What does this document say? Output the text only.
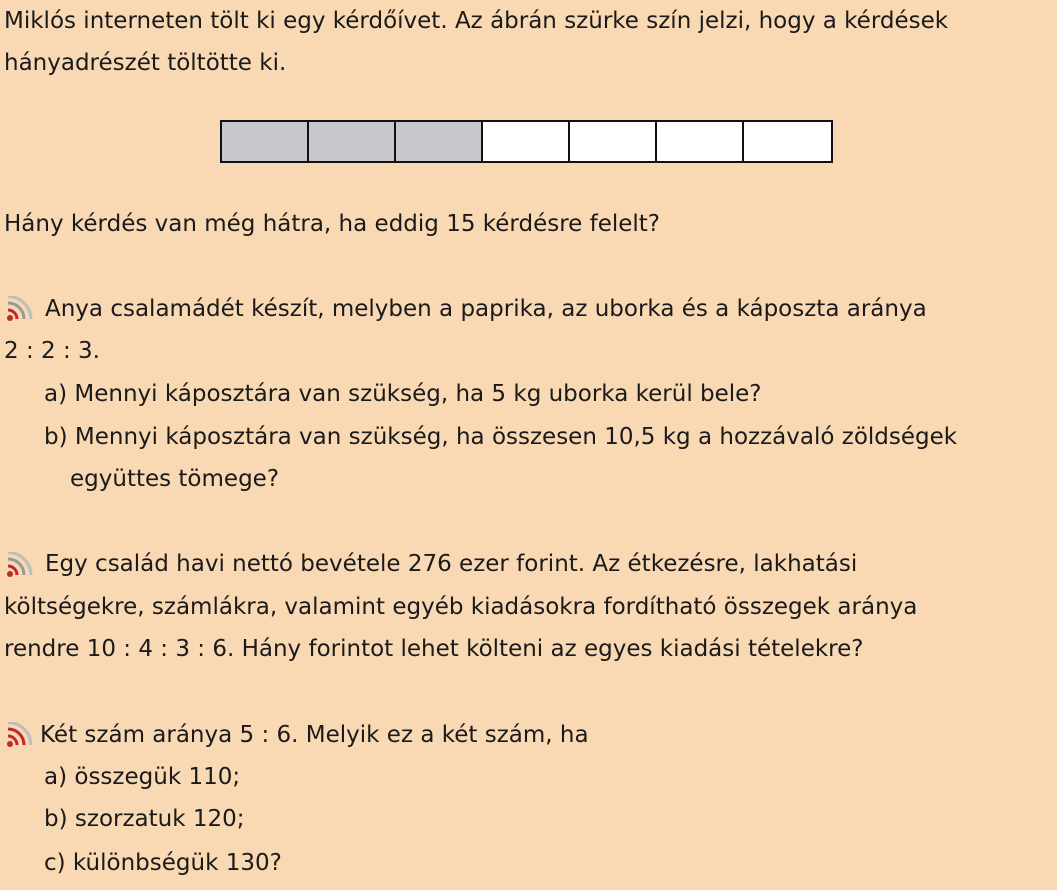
Miklós interneten tölt ki egy kérdőívet. Az ábrán szürke szín jelzi, hogy a kérdések
hányadrészét töltötte ki.
Hány kérdés van még hátra, ha eddig 15 kérdésre felelt?
Anya csalamádét készít, melyben a paprika, az uborka és a káposzta aránya
2 : 2 : 3.
a) Mennyi káposztára van szükség, ha 5 kg uborka kerül bele?
b) Mennyi káposztára van szükség, ha összesen 10,5 kg a hozzávaló zöldségek
együttes tömege?
Egy család havi nettó bevétele 276 ezer forint. Az étkezésre, lakhatási
költségekre, számlákra, valamint egyéb kiadásokra fordítható összegek aránya
rendre 10 : 4 : 3 : 6. Hány forintot lehet költeni az egyes kiadási tételekre?
Két szám aránya 5 : 6. Melyik ez a két szám, ha
a) összegük 110;
b) szorzatuk 120;
c) különbségük 130?
